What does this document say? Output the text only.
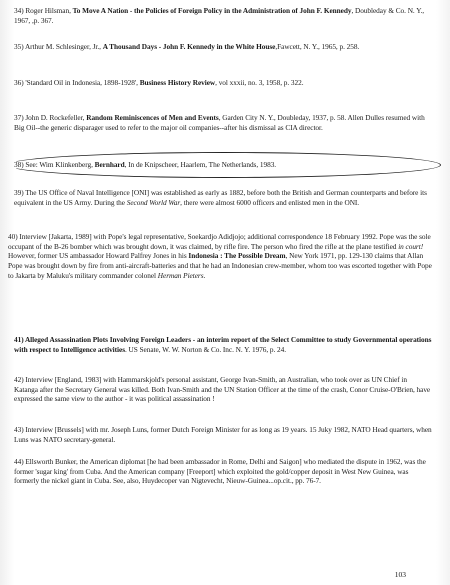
34) Roger Hilsman, To Move A Nation - the Policies of Foreign Policy in the Administration of John F. Kennedy, Doubleday & Co. N. Y., 1967, ,p. 367.

35) Arthur M. Schlesinger, Jr., A Thousand Days - John F. Kennedy in the White House,Fawcett, N. Y., 1965, p. 258.

36) 'Standard Oil in Indonesia, 1898-1928', Business History Review, vol xxxii, no. 3, 1958, p. 322.

37) John D. Rockefeller, Random Reminiscences of Men and Events, Garden City N. Y., Doubleday, 1937, p. 58. Allen Dulles resumed with Big Oil--the generic disparager used to refer to the major oil companies--after his dismissal as CIA director.

38) See: Wim Klinkenberg, Bernhard, In de Knipscheer, Haarlem, The Netherlands, 1983.

39) The US Office of Naval Intelligence [ONI] was established as early as 1882, before both the British and German counterparts and before its equivalent in the US Army. During the Second World War, there were almost 6000 officers and enlisted men in the ONI.

40) Interview [Jakarta, 1989] with Pope's legal representative, Soekardjo Adidjojo; additional correspondence 18 February 1992. Pope was the sole occupant of the B-26 bomber which was brought down, it was claimed, by rifle fire. The person who fired the rifle at the plane testified in court! However, former US ambassador Howard Palfrey Jones in his Indonesia : The Possible Dream, New York 1971, pp. 129-130 claims that Allan Pope was brought down by fire from anti-aircraft-batteries and that he had an Indonesian crew-member, whom too was escorted together with Pope to Jakarta by Maluku's military commander colonel Herman Pieters.

41) Alleged Assassination Plots Involving Foreign Leaders - an interim report of the Select Committee to study Governmental operations with respect to Intelligence activities. US Senate, W. W. Norton & Co. Inc. N. Y. 1976, p. 24.

42) Interview [England, 1983] with Hammarskjold's personal assistant, George Ivan-Smith, an Australian, who took over as UN Chief in Katanga after the Secretary General was killed. Both Ivan-Smith and the UN Station Officer at the time of the crash, Conor Cruise-O'Brien, have expressed the same view to the author - it was political assassination !

43) Interview [Brussels] with mr. Joseph Luns, former Dutch Foreign Minister for as long as 19 years. 15 Juky 1982, NATO Head quarters, when Luns was NATO secretary-general.

44) Ellsworth Bunker, the American diplomat [he had been ambassador in Rome, Delhi and Saigon] who mediated the dispute in 1962, was the former 'sugar king' from Cuba. And the American company [Freeport] which exploited the gold/copper deposit in West New Guinea, was formerly the nickel giant in Cuba. See, also, Huydecoper van Nigtevecht, Nieuw-Guinea...op.cit., pp. 76-7.

103
